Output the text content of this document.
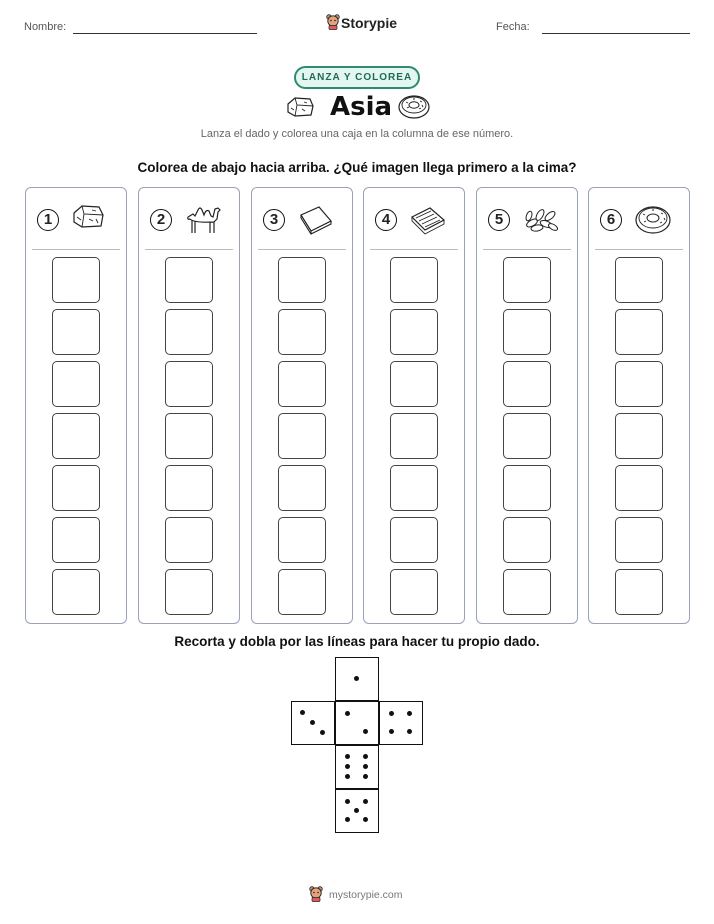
Nombre:	Storypie	Fecha:
LANZA Y COLOREA
Asia
Lanza el dado y colorea una caja en la columna de ese número.
Colorea de abajo hacia arriba. ¿Qué imagen llega primero a la cima?
1	2	3	4	5	6
Recorta y dobla por las líneas para hacer tu propio dado.
mystorypie.com
